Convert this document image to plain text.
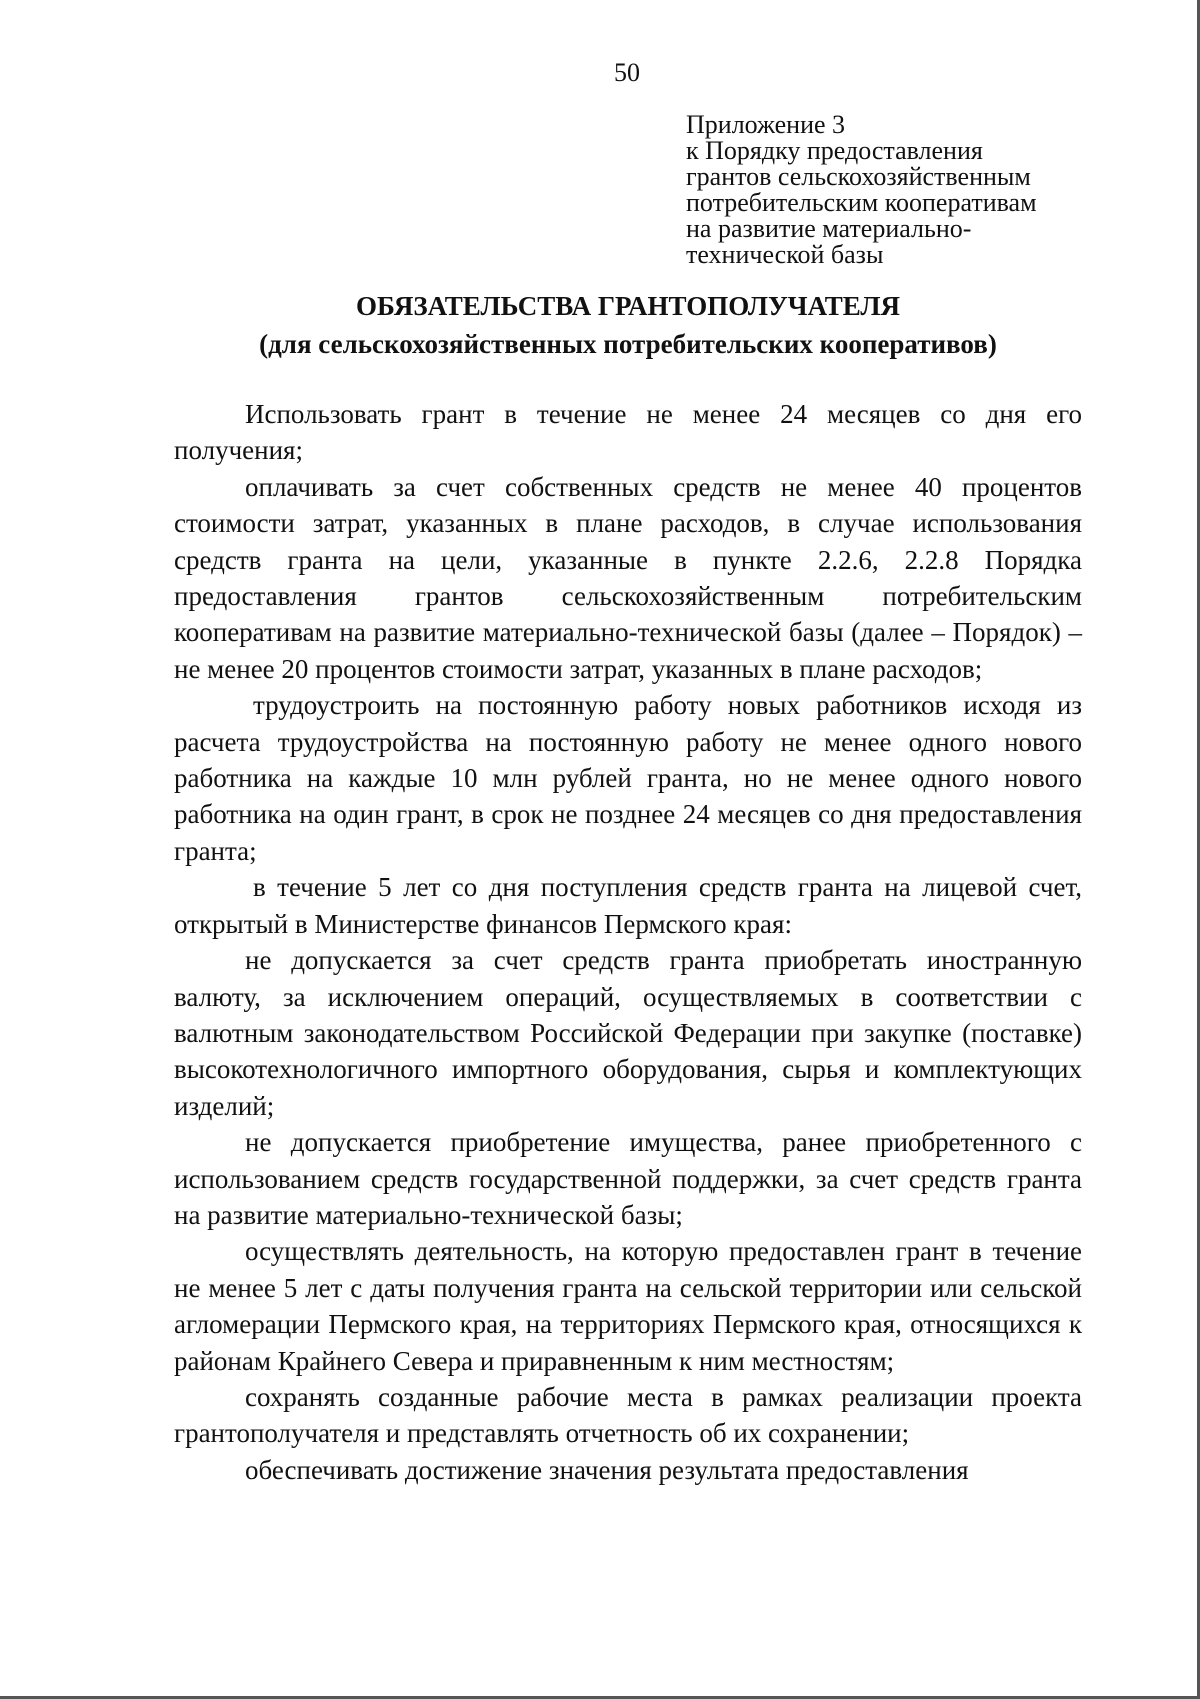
50
Приложение 3
к Порядку предоставления
грантов сельскохозяйственным
потребительским кооперативам
на развитие материально-
технической базы
ОБЯЗАТЕЛЬСТВА ГРАНТОПОЛУЧАТЕЛЯ
(для сельскохозяйственных потребительских кооперативов)

Использовать грант в течение не менее 24 месяцев со дня его получения;

оплачивать за счет собственных средств не менее 40 процентов стоимости затрат, указанных в плане расходов, в случае использования средств гранта на цели, указанные в пункте 2.2.6, 2.2.8 Порядка предоставления грантов сельскохозяйственным потребительским кооперативам на развитие материально-технической базы (далее – Порядок) – не менее 20 процентов стоимости затрат, указанных в плане расходов;

трудоустроить на постоянную работу новых работников исходя из расчета трудоустройства на постоянную работу не менее одного нового работника на каждые 10 млн рублей гранта, но не менее одного нового работника на один грант, в срок не позднее 24 месяцев со дня предоставления гранта;

в течение 5 лет со дня поступления средств гранта на лицевой счет, открытый в Министерстве финансов Пермского края:

не допускается за счет средств гранта приобретать иностранную валюту, за исключением операций, осуществляемых в соответствии с валютным законодательством Российской Федерации при закупке (поставке) высокотехнологичного импортного оборудования, сырья и комплектующих изделий;

не допускается приобретение имущества, ранее приобретенного с использованием средств государственной поддержки, за счет средств гранта на развитие материально-технической базы;

осуществлять деятельность, на которую предоставлен грант в течение не менее 5 лет с даты получения гранта на сельской территории или сельской агломерации Пермского края, на территориях Пермского края, относящихся к районам Крайнего Севера и приравненным к ним местностям;

сохранять созданные рабочие места в рамках реализации проекта грантополучателя и представлять отчетность об их сохранении;

обеспечивать достижение значения результата предоставления
